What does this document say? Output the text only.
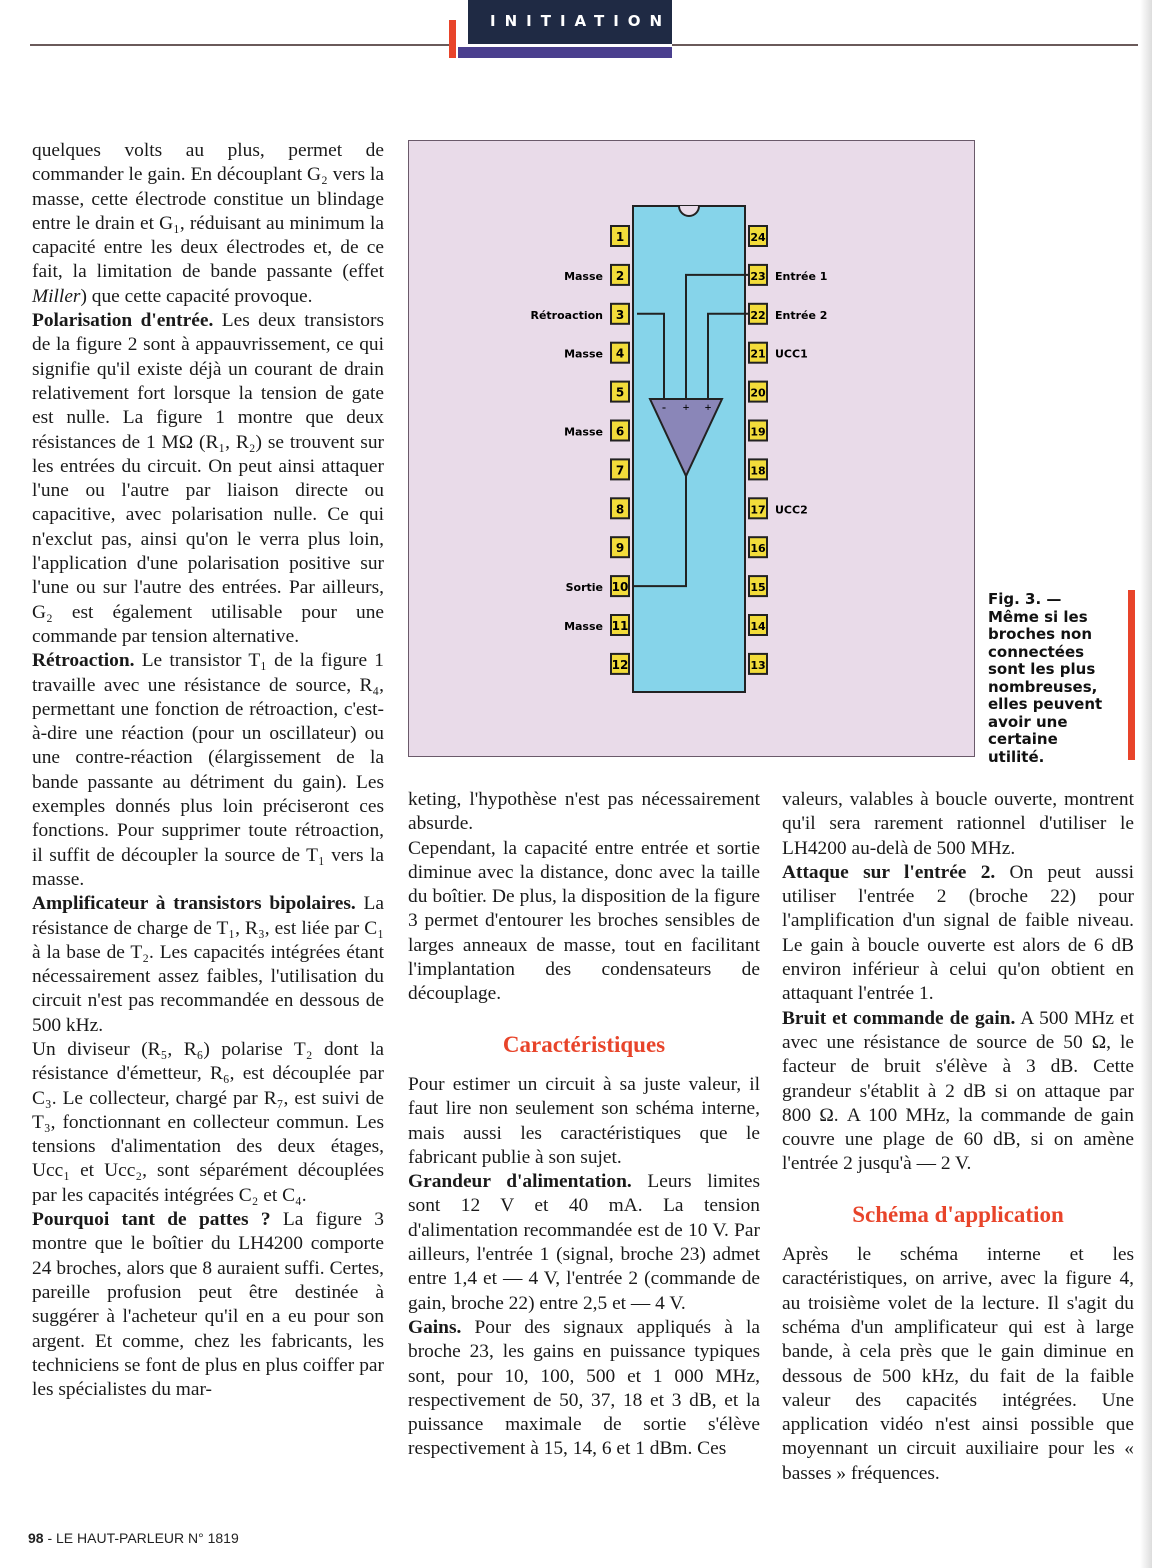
INITIATION

quelques volts au plus, permet de commander le gain. En découplant G₂ vers la masse, cette électrode constitue un blindage entre le drain et G₁, réduisant au minimum la capacité entre les deux électrodes et, de ce fait, la limitation de bande passante (effet Miller) que cette capacité provoque.

Polarisation d'entrée. Les deux transistors de la figure 2 sont à appauvrissement, ce qui signifie qu'il existe déjà un courant de drain relativement fort lorsque la tension de gate est nulle. La figure 1 montre que deux résistances de 1 MΩ (R₁, R₂) se trouvent sur les entrées du circuit. On peut ainsi attaquer l'une ou l'autre par liaison directe ou capacitive, avec polarisation nulle. Ce qui n'exclut pas, ainsi qu'on le verra plus loin, l'application d'une polarisation positive sur l'une ou sur l'autre des entrées. Par ailleurs, G₂ est également utilisable pour une commande par tension alternative.

Rétroaction. Le transistor T₁ de la figure 1 travaille avec une résistance de source, R₄, permettant une fonction de rétroaction, c'est-à-dire une réaction (pour un oscillateur) ou une contre-réaction (élargissement de la bande passante au détriment du gain). Les exemples donnés plus loin préciseront ces fonctions. Pour supprimer toute rétroaction, il suffit de découpler la source de T₁ vers la masse.

Amplificateur à transistors bipolaires. La résistance de charge de T₁, R₃, est liée par C₁ à la base de T₂. Les capacités intégrées étant nécessairement assez faibles, l'utilisation du circuit n'est pas recommandée en dessous de 500 kHz.

Un diviseur (R₅, R₆) polarise T₂ dont la résistance d'émetteur, R₆, est découplée par C₃. Le collecteur, chargé par R₇, est suivi de T₃, fonctionnant en collecteur commun. Les tensions d'alimentation des deux étages, Ucc₁ et Ucc₂, sont séparément découplées par les capacités intégrées C₂ et C₄.

Pourquoi tant de pattes ? La figure 3 montre que le boîtier du LH4200 comporte 24 broches, alors que 8 auraient suffi. Certes, pareille profusion peut être destinée à suggérer à l'acheteur qu'il en a eu pour son argent. Et comme, chez les fabricants, les techniciens se font de plus en plus coiffer par les spécialistes du mar-

keting, l'hypothèse n'est pas nécessairement absurde.

Cependant, la capacité entre entrée et sortie diminue avec la distance, donc avec la taille du boîtier. De plus, la disposition de la figure 3 permet d'entourer les broches sensibles de larges anneaux de masse, tout en facilitant l'implantation des condensateurs de découplage.

Caractéristiques

Pour estimer un circuit à sa juste valeur, il faut lire non seulement son schéma interne, mais aussi les caractéristiques que le fabricant publie à son sujet.

Grandeur d'alimentation. Leurs limites sont 12 V et 40 mA. La tension d'alimentation recommandée est de 10 V. Par ailleurs, l'entrée 1 (signal, broche 23) admet entre 1,4 et — 4 V, l'entrée 2 (commande de gain, broche 22) entre 2,5 et — 4 V.

Gains. Pour des signaux appliqués à la broche 23, les gains en puissance typiques sont, pour 10, 100, 500 et 1 000 MHz, respectivement de 50, 37, 18 et 3 dB, et la puissance maximale de sortie s'élève respectivement à 15, 14, 6 et 1 dBm. Ces

valeurs, valables à boucle ouverte, montrent qu'il sera rarement rationnel d'utiliser le LH4200 au-delà de 500 MHz.

Attaque sur l'entrée 2. On peut aussi utiliser l'entrée 2 (broche 22) pour l'amplification d'un signal de faible niveau. Le gain à boucle ouverte est alors de 6 dB environ inférieur à celui qu'on obtient en attaquant l'entrée 1.

Bruit et commande de gain. A 500 MHz et avec une résistance de source de 50 Ω, le facteur de bruit s'élève à 3 dB. Cette grandeur s'établit à 2 dB si on attaque par 800 Ω. A 100 MHz, la commande de gain couvre une plage de 60 dB, si on amène l'entrée 2 jusqu'à — 2 V.

Schéma d'application

Après le schéma interne et les caractéristiques, on arrive, avec la figure 4, au troisième volet de la lecture. Il s'agit du schéma d'un amplificateur qui est à large bande, à cela près que le gain diminue en dessous de 500 kHz, du fait de la faible valeur des capacités intégrées. Une application vidéo n'est ainsi possible que moyennant un circuit auxiliaire pour les « basses » fréquences.

1
2
Masse
3
Rétroaction
4
Masse
5
6
Masse
7
8
9
10
Sortie
11
Masse
12
24
23 Entrée 1
22 Entrée 2
21 UCC1
20
19
18
17 UCC2
16
15
14
13
- + +
Fig. 3. —
Même si les broches non connectées sont les plus nombreuses, elles peuvent avoir une certaine utilité.
98 - LE HAUT-PARLEUR N° 1819
